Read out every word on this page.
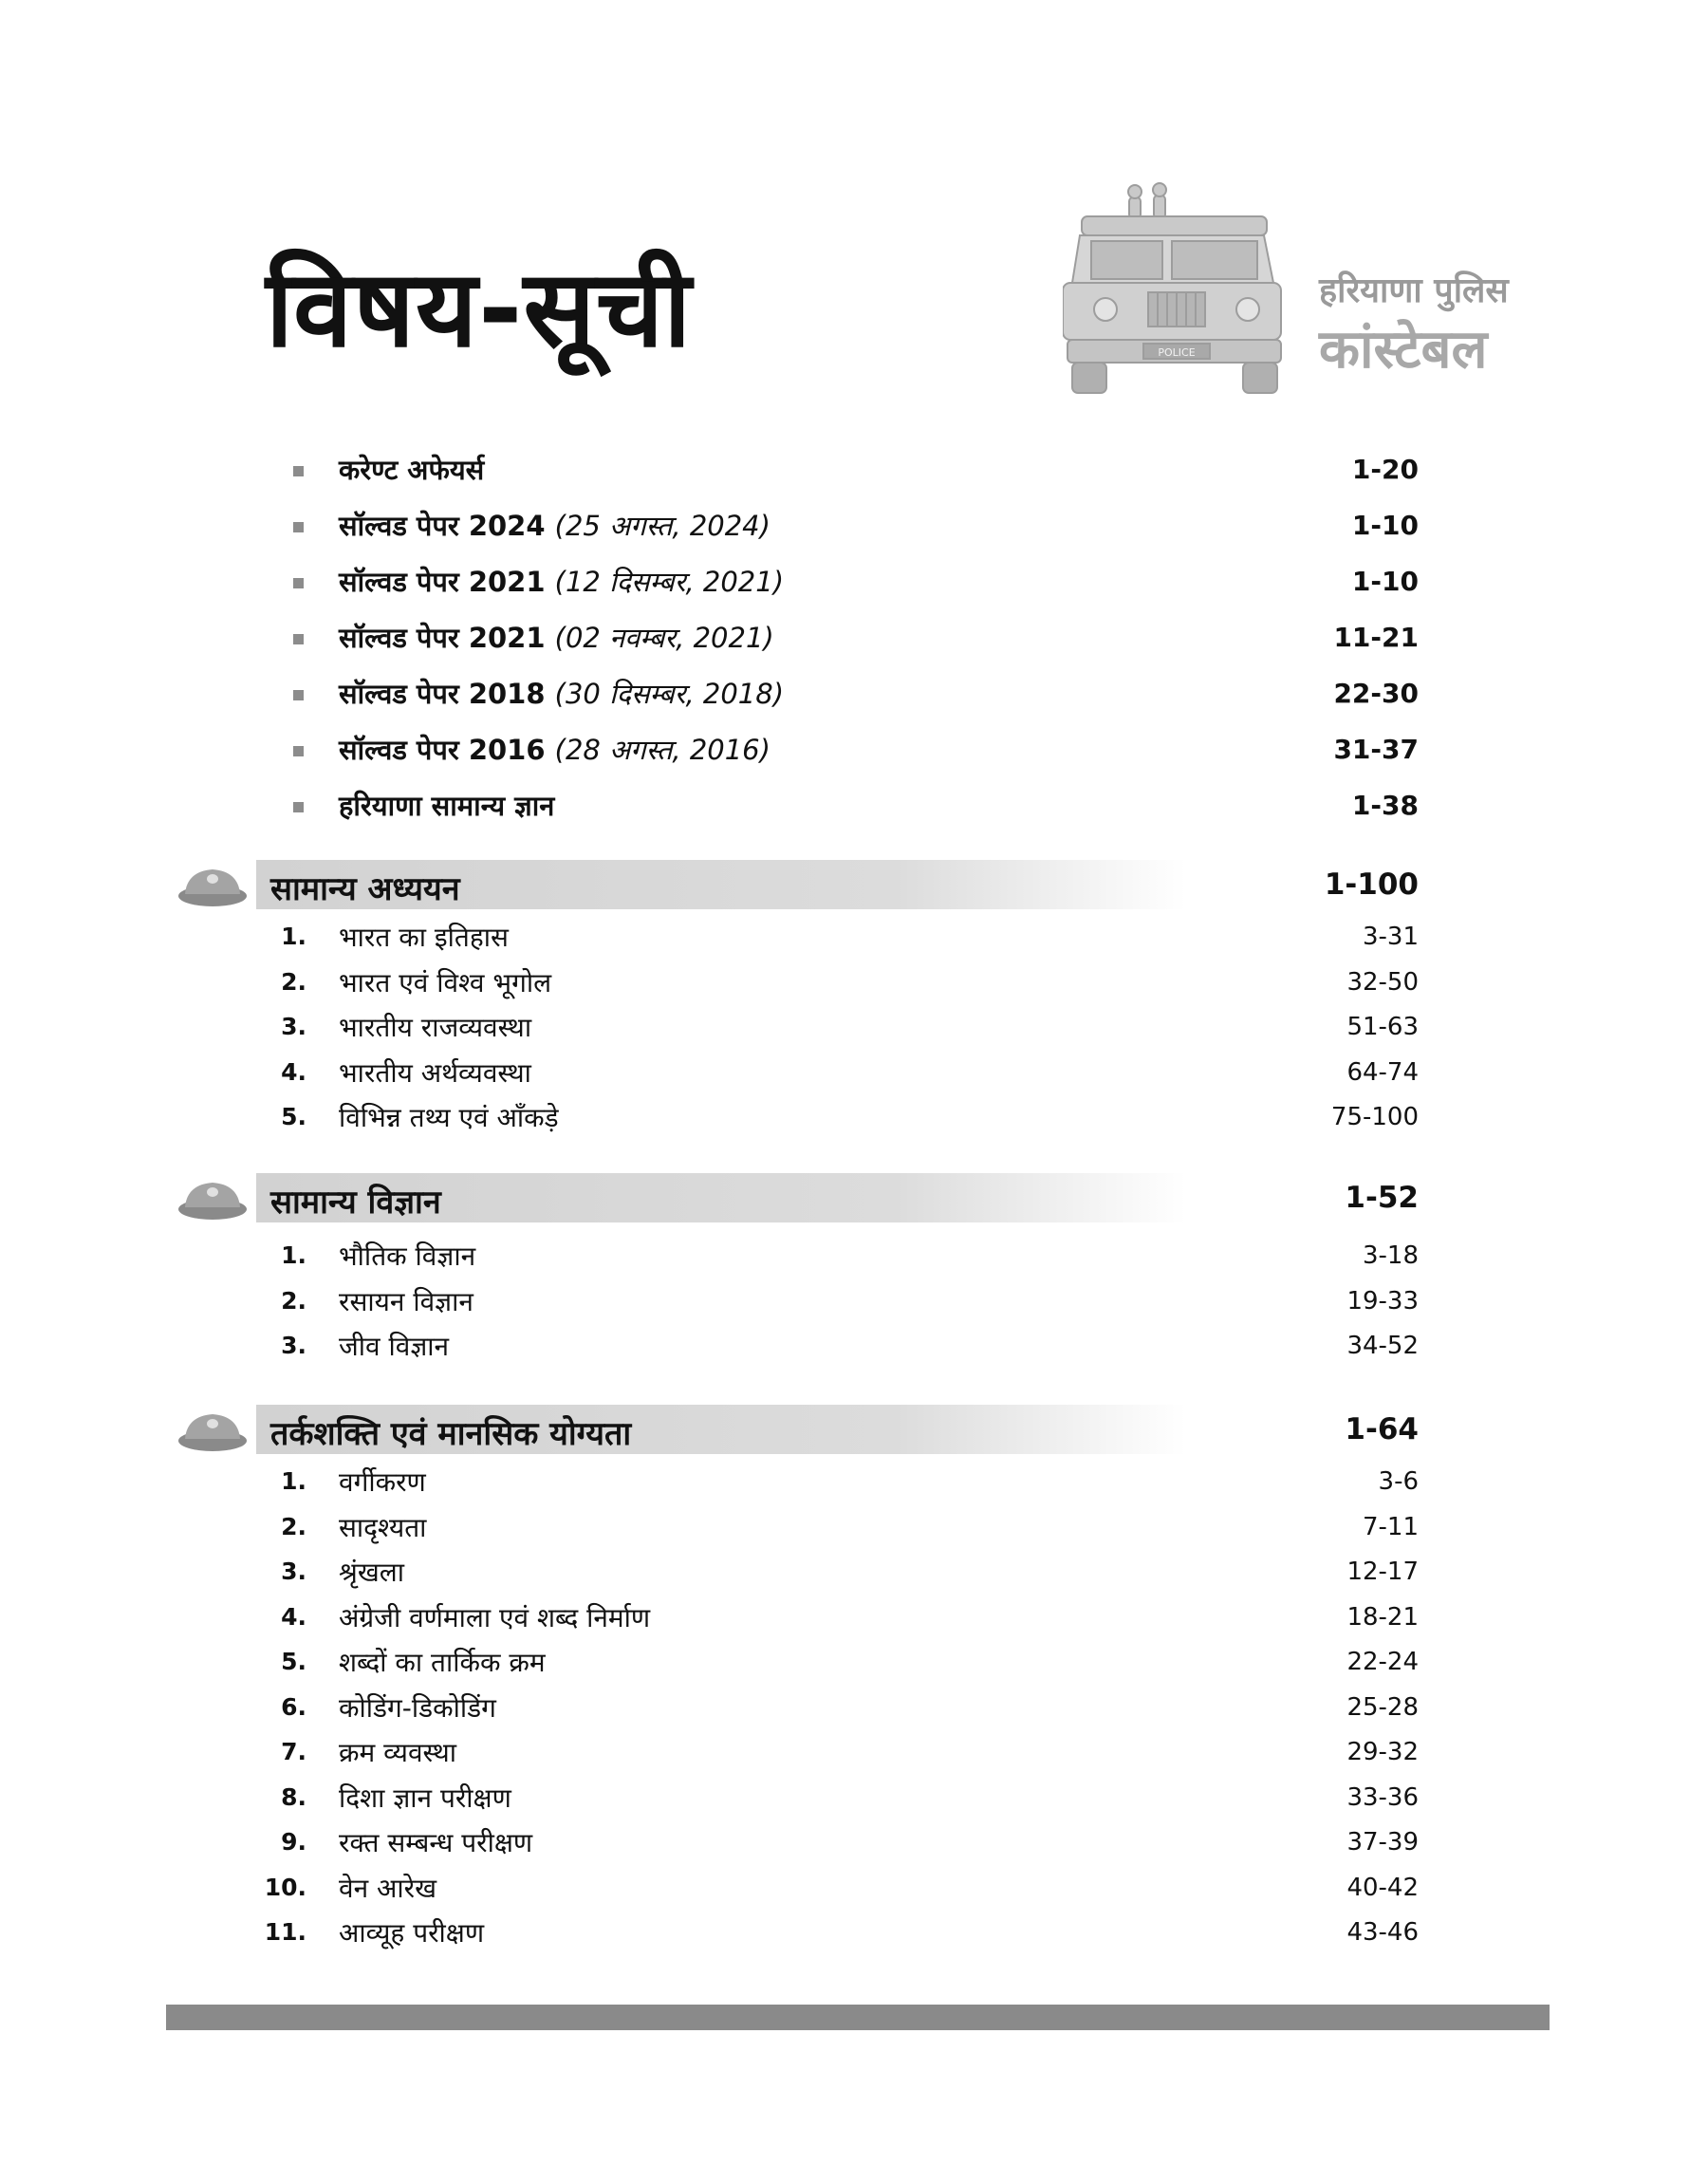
विषय-सूची	POLICE
हरियाणा पुलिस
कांस्टेबल
करेण्ट अफेयर्स	1-20
सॉल्वड पेपर 2024 (25 अगस्त, 2024)	1-10
सॉल्वड पेपर 2021 (12 दिसम्बर, 2021)	1-10
सॉल्वड पेपर 2021 (02 नवम्बर, 2021)	11-21
सॉल्वड पेपर 2018 (30 दिसम्बर, 2018)	22-30
सॉल्वड पेपर 2016 (28 अगस्त, 2016)	31-37
हरियाणा सामान्य ज्ञान	1-38
सामान्य अध्ययन	1-100
1. भारत का इतिहास	3-31
2. भारत एवं विश्व भूगोल	32-50
3. भारतीय राजव्यवस्था	51-63
4. भारतीय अर्थव्यवस्था	64-74
5. विभिन्न तथ्य एवं आँकड़े	75-100
सामान्य विज्ञान	1-52
1. भौतिक विज्ञान	3-18
2. रसायन विज्ञान	19-33
3. जीव विज्ञान	34-52
तर्कशक्ति एवं मानसिक योग्यता	1-64
1. वर्गीकरण	3-6
2. सादृश्यता	7-11
3. श्रृंखला	12-17
4. अंग्रेजी वर्णमाला एवं शब्द निर्माण	18-21
5. शब्दों का तार्किक क्रम	22-24
6. कोडिंग-डिकोडिंग	25-28
7. क्रम व्यवस्था	29-32
8. दिशा ज्ञान परीक्षण	33-36
9. रक्त सम्बन्ध परीक्षण	37-39
10. वेन आरेख	40-42
11. आव्यूह परीक्षण	43-46
